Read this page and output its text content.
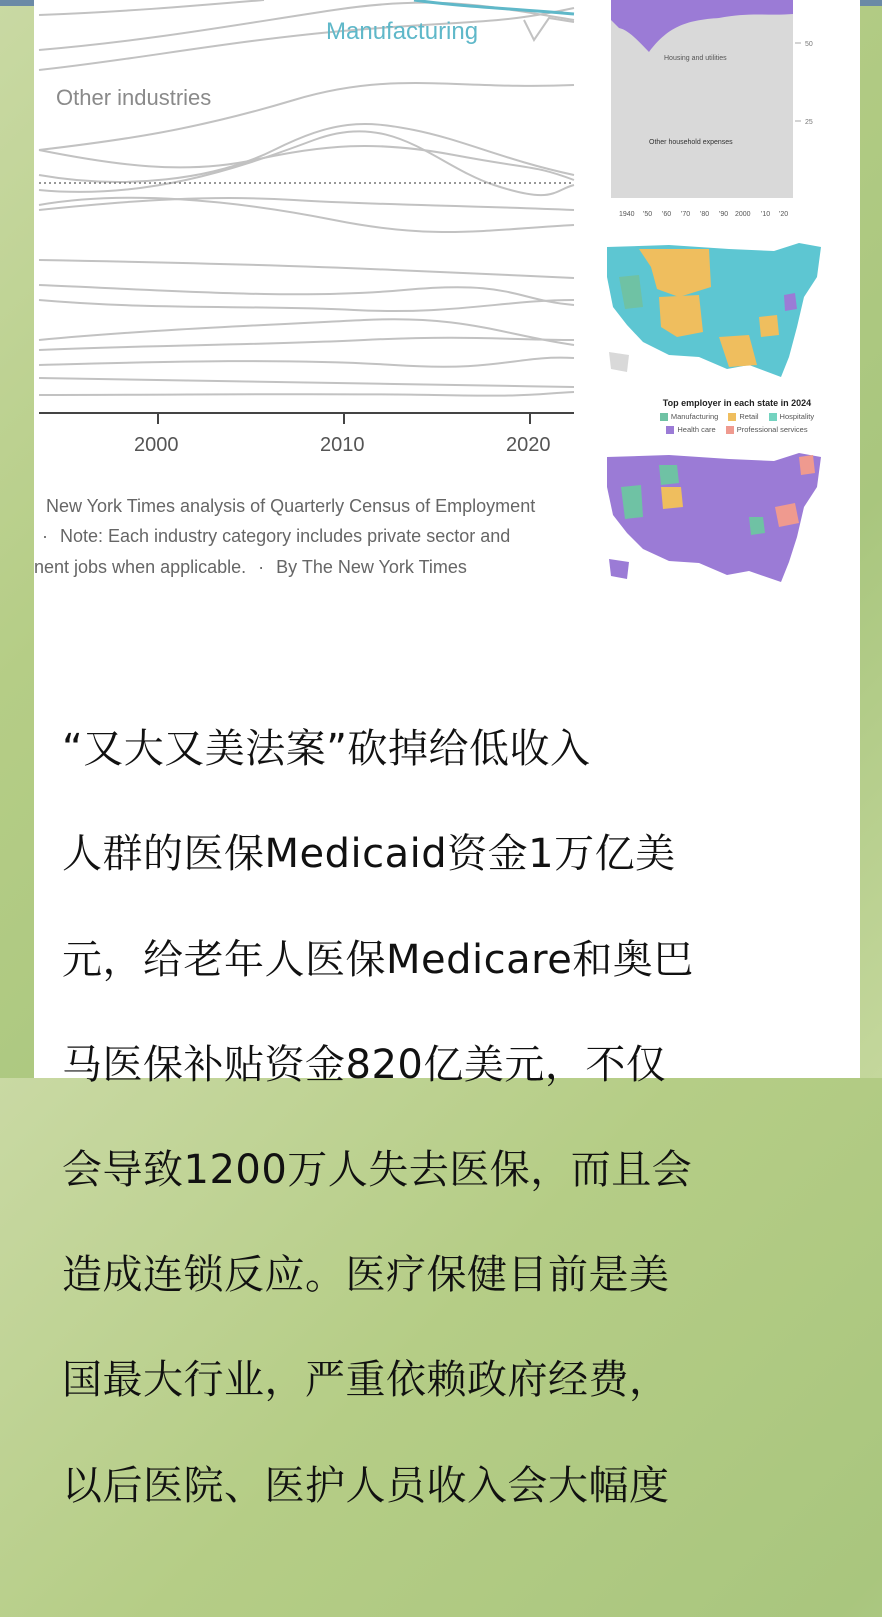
Manufacturing
Other industries
2000	2010	2020
New York Times analysis of Quarterly Census of Employment
· Note: Each industry category includes private sector and
nent jobs when applicable. · By The New York Times
Housing and utilities
Other household expenses
50
25
1940 '50 '60 '70 '80 '90 2000 '10 '20
Top employer in each state in 2024
Manufacturing	Retail	Hospitality
Health care	Professional services

“又大又美法案”砍掉给低收入

人群的医保Medicaid资金1万亿美

元，给老年人医保Medicare和奥巴

马医保补贴资金820亿美元，不仅

会导致1200万人失去医保，而且会

造成连锁反应。医疗保健目前是美

国最大行业，严重依赖政府经费，

以后医院、医护人员收入会大幅度
